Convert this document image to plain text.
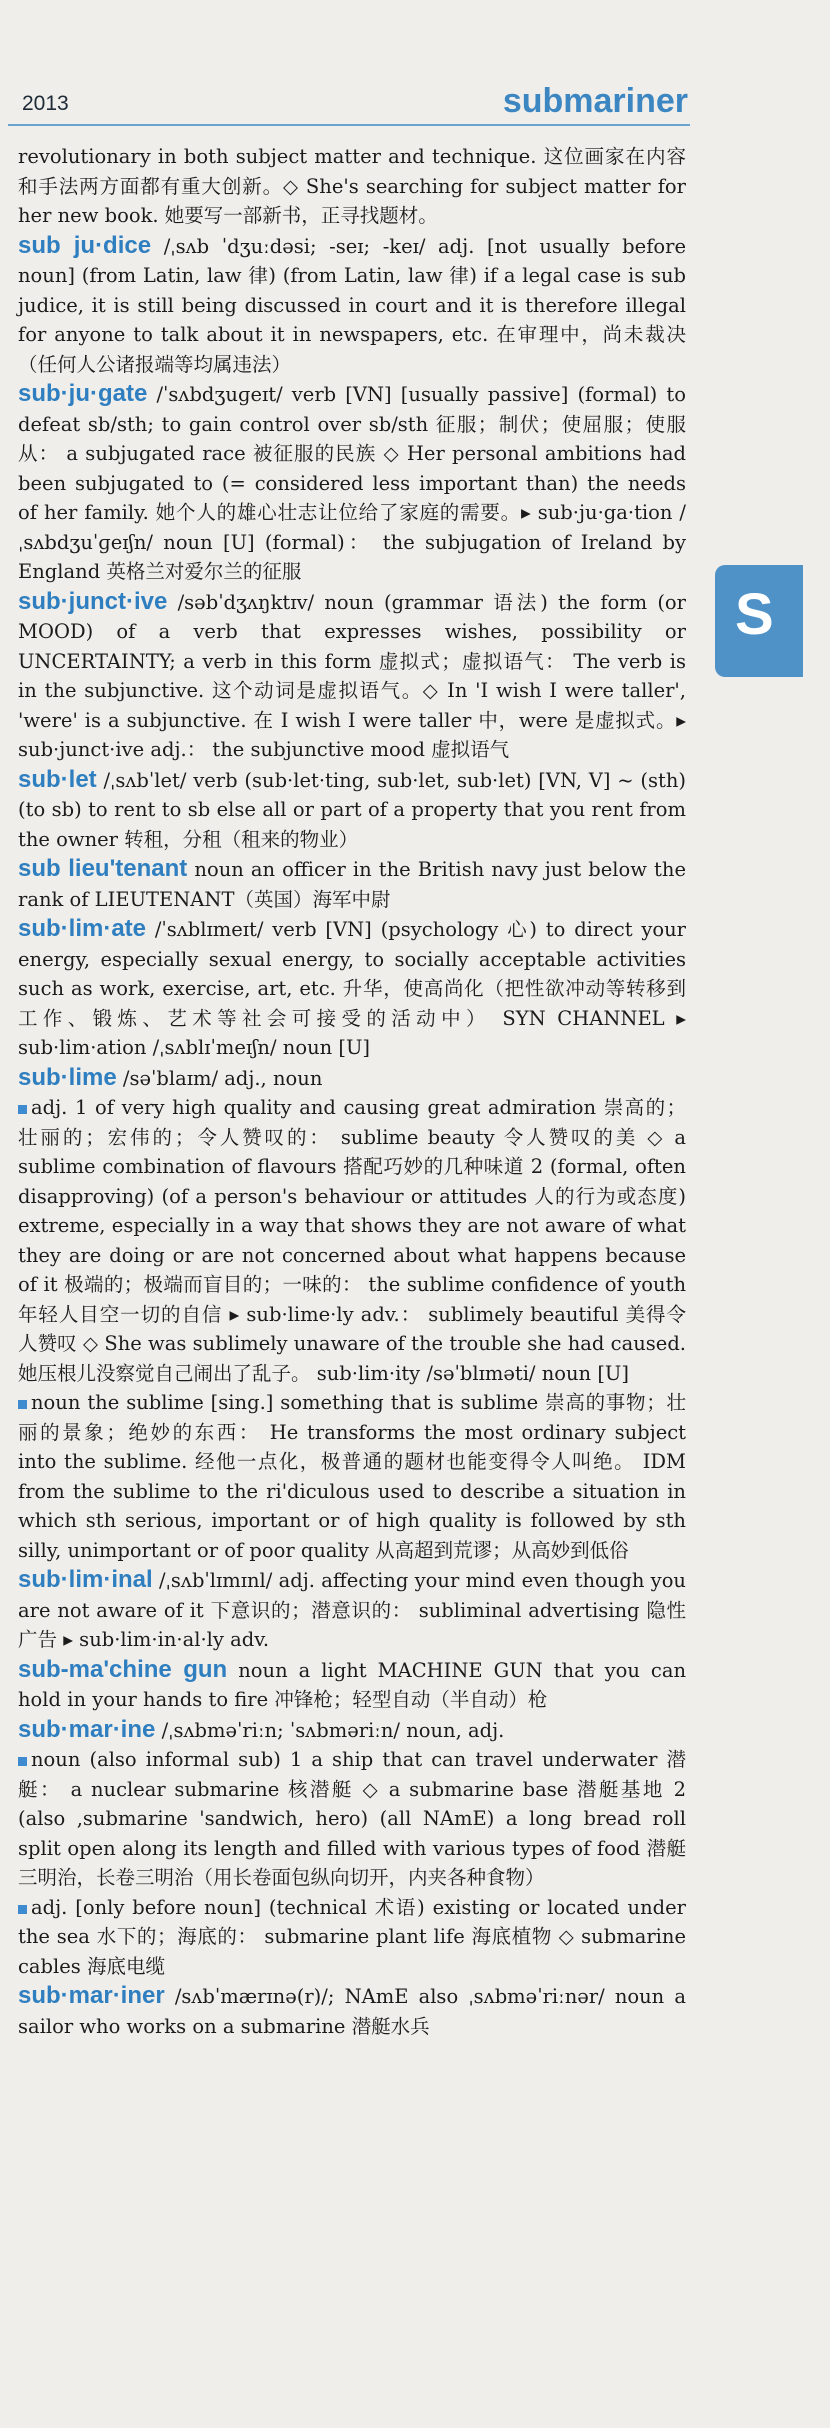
2013	submariner
S

revolutionary in both subject matter and technique. 这位画家在内容和手法两方面都有重大创新。◇ She's searching for subject matter for her new book. 她要写一部新书，正寻找题材。

sub ju·dice /ˌsʌb ˈdʒuːdəsi; -seɪ; -keɪ/ adj. [not usually before noun] (from Latin, law 律) (from Latin, law 律) if a legal case is sub judice, it is still being discussed in court and it is therefore illegal for anyone to talk about it in newspapers, etc. 在审理中，尚未裁决（任何人公诸报端等均属违法）

sub·ju·gate /ˈsʌbdʒuɡeɪt/ verb [VN] [usually passive] (formal) to defeat sb/sth; to gain control over sb/sth 征服；制伏；使屈服；使服从： a subjugated race 被征服的民族 ◇ Her personal ambitions had been subjugated to (= considered less important than) the needs of her family. 她个人的雄心壮志让位给了家庭的需要。▸ sub·ju·ga·tion /ˌsʌbdʒuˈɡeɪʃn/ noun [U] (formal)： the subjugation of Ireland by England 英格兰对爱尔兰的征服

sub·junct·ive /səbˈdʒʌŋktɪv/ noun (grammar 语法) the form (or MOOD) of a verb that expresses wishes, possibility or UNCERTAINTY; a verb in this form 虚拟式；虚拟语气： The verb is in the subjunctive. 这个动词是虚拟语气。◇ In 'I wish I were taller', 'were' is a subjunctive. 在 I wish I were taller 中，were 是虚拟式。▸ sub·junct·ive adj.： the subjunctive mood 虚拟语气

sub·let /ˌsʌbˈlet/ verb (sub·let·ting, sub·let, sub·let) [VN, V] ~ (sth) (to sb) to rent to sb else all or part of a property that you rent from the owner 转租，分租（租来的物业）

sub lieu'tenant noun an officer in the British navy just below the rank of LIEUTENANT（英国）海军中尉

sub·lim·ate /ˈsʌblɪmeɪt/ verb [VN] (psychology 心) to direct your energy, especially sexual energy, to socially acceptable activities such as work, exercise, art, etc. 升华，使高尚化（把性欲冲动等转移到工作、锻炼、艺术等社会可接受的活动中） SYN CHANNEL ▸ sub·lim·ation /ˌsʌblɪˈmeɪʃn/ noun [U]

sub·lime /səˈblaɪm/ adj., noun

adj. 1 of very high quality and causing great admiration 崇高的；壮丽的；宏伟的；令人赞叹的： sublime beauty 令人赞叹的美 ◇ a sublime combination of flavours 搭配巧妙的几种味道 2 (formal, often disapproving) (of a person's behaviour or attitudes 人的行为或态度) extreme, especially in a way that shows they are not aware of what they are doing or are not concerned about what happens because of it 极端的；极端而盲目的；一味的： the sublime confidence of youth 年轻人目空一切的自信 ▸ sub·lime·ly adv.： sublimely beautiful 美得令人赞叹 ◇ She was sublimely unaware of the trouble she had caused. 她压根儿没察觉自己闹出了乱子。 sub·lim·ity /səˈblɪməti/ noun [U]

noun the sublime [sing.] something that is sublime 崇高的事物；壮丽的景象；绝妙的东西： He transforms the most ordinary subject into the sublime. 经他一点化，极普通的题材也能变得令人叫绝。 IDM from the sublime to the ri'diculous used to describe a situation in which sth serious, important or of high quality is followed by sth silly, unimportant or of poor quality 从高超到荒谬；从高妙到低俗

sub·lim·inal /ˌsʌbˈlɪmɪnl/ adj. affecting your mind even though you are not aware of it 下意识的；潜意识的： subliminal advertising 隐性广告 ▸ sub·lim·in·al·ly adv.

sub-ma'chine gun noun a light MACHINE GUN that you can hold in your hands to fire 冲锋枪；轻型自动（半自动）枪

sub·mar·ine /ˌsʌbməˈriːn; ˈsʌbməriːn/ noun, adj.

noun (also informal sub) 1 a ship that can travel underwater 潜艇： a nuclear submarine 核潜艇 ◇ a submarine base 潜艇基地 2 (also ,submarine 'sandwich, hero) (all NAmE) a long bread roll split open along its length and filled with various types of food 潜艇三明治，长卷三明治（用长卷面包纵向切开，内夹各种食物）

adj. [only before noun] (technical 术语) existing or located under the sea 水下的；海底的： submarine plant life 海底植物 ◇ submarine cables 海底电缆

sub·mar·iner /sʌbˈmærɪnə(r)/; NAmE also ˌsʌbməˈriːnər/ noun a sailor who works on a submarine 潜艇水兵
